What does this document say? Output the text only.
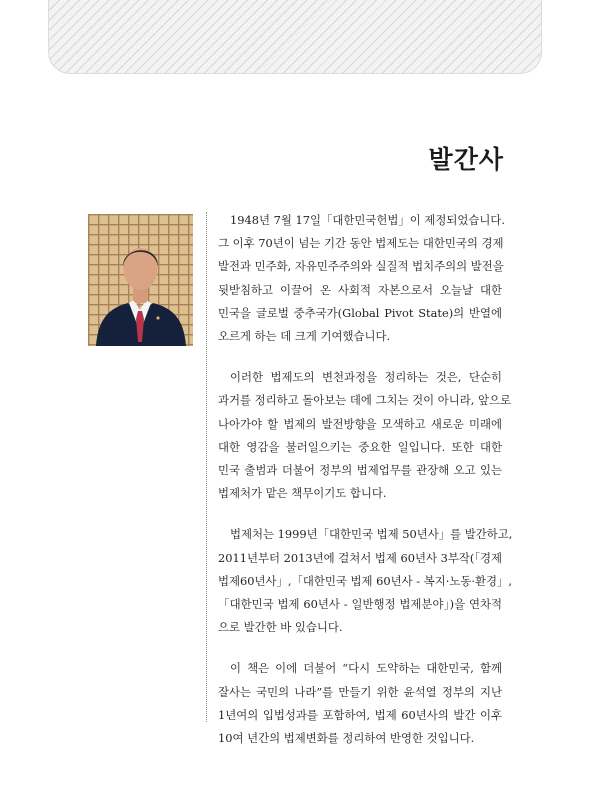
발간사

1948년 7월 17일「대한민국헌법」이 제정되었습니다.
그 이후 70년이 넘는 기간 동안 법제도는 대한민국의 경제
발전과 민주화, 자유민주주의와 실질적 법치주의의 발전을
뒷받침하고 이끌어 온 사회적 자본으로서 오늘날 대한
민국을 글로벌 중추국가(Global Pivot State)의 반열에
오르게 하는 데 크게 기여했습니다.

이러한 법제도의 변천과정을 정리하는 것은, 단순히
과거를 정리하고 돌아보는 데에 그치는 것이 아니라, 앞으로
나아가야 할 법제의 발전방향을 모색하고 새로운 미래에
대한 영감을 불러일으키는 중요한 일입니다. 또한 대한
민국 출범과 더불어 정부의 법제업무를 관장해 오고 있는
법제처가 맡은 책무이기도 합니다.

법제처는 1999년「대한민국 법제 50년사」를 발간하고,
2011년부터 2013년에 걸쳐서 법제 60년사 3부작(「경제
법제60년사」,「대한민국 법제 60년사 - 복지·노동·환경」,
「대한민국 법제 60년사 - 일반행정 법제분야」)을 연차적
으로 발간한 바 있습니다.

이 책은 이에 더불어 “다시 도약하는 대한민국, 함께
잘사는 국민의 나라”를 만들기 위한 윤석열 정부의 지난
1년여의 입법성과를 포함하여, 법제 60년사의 발간 이후
10여 년간의 법제변화를 정리하여 반영한 것입니다.
